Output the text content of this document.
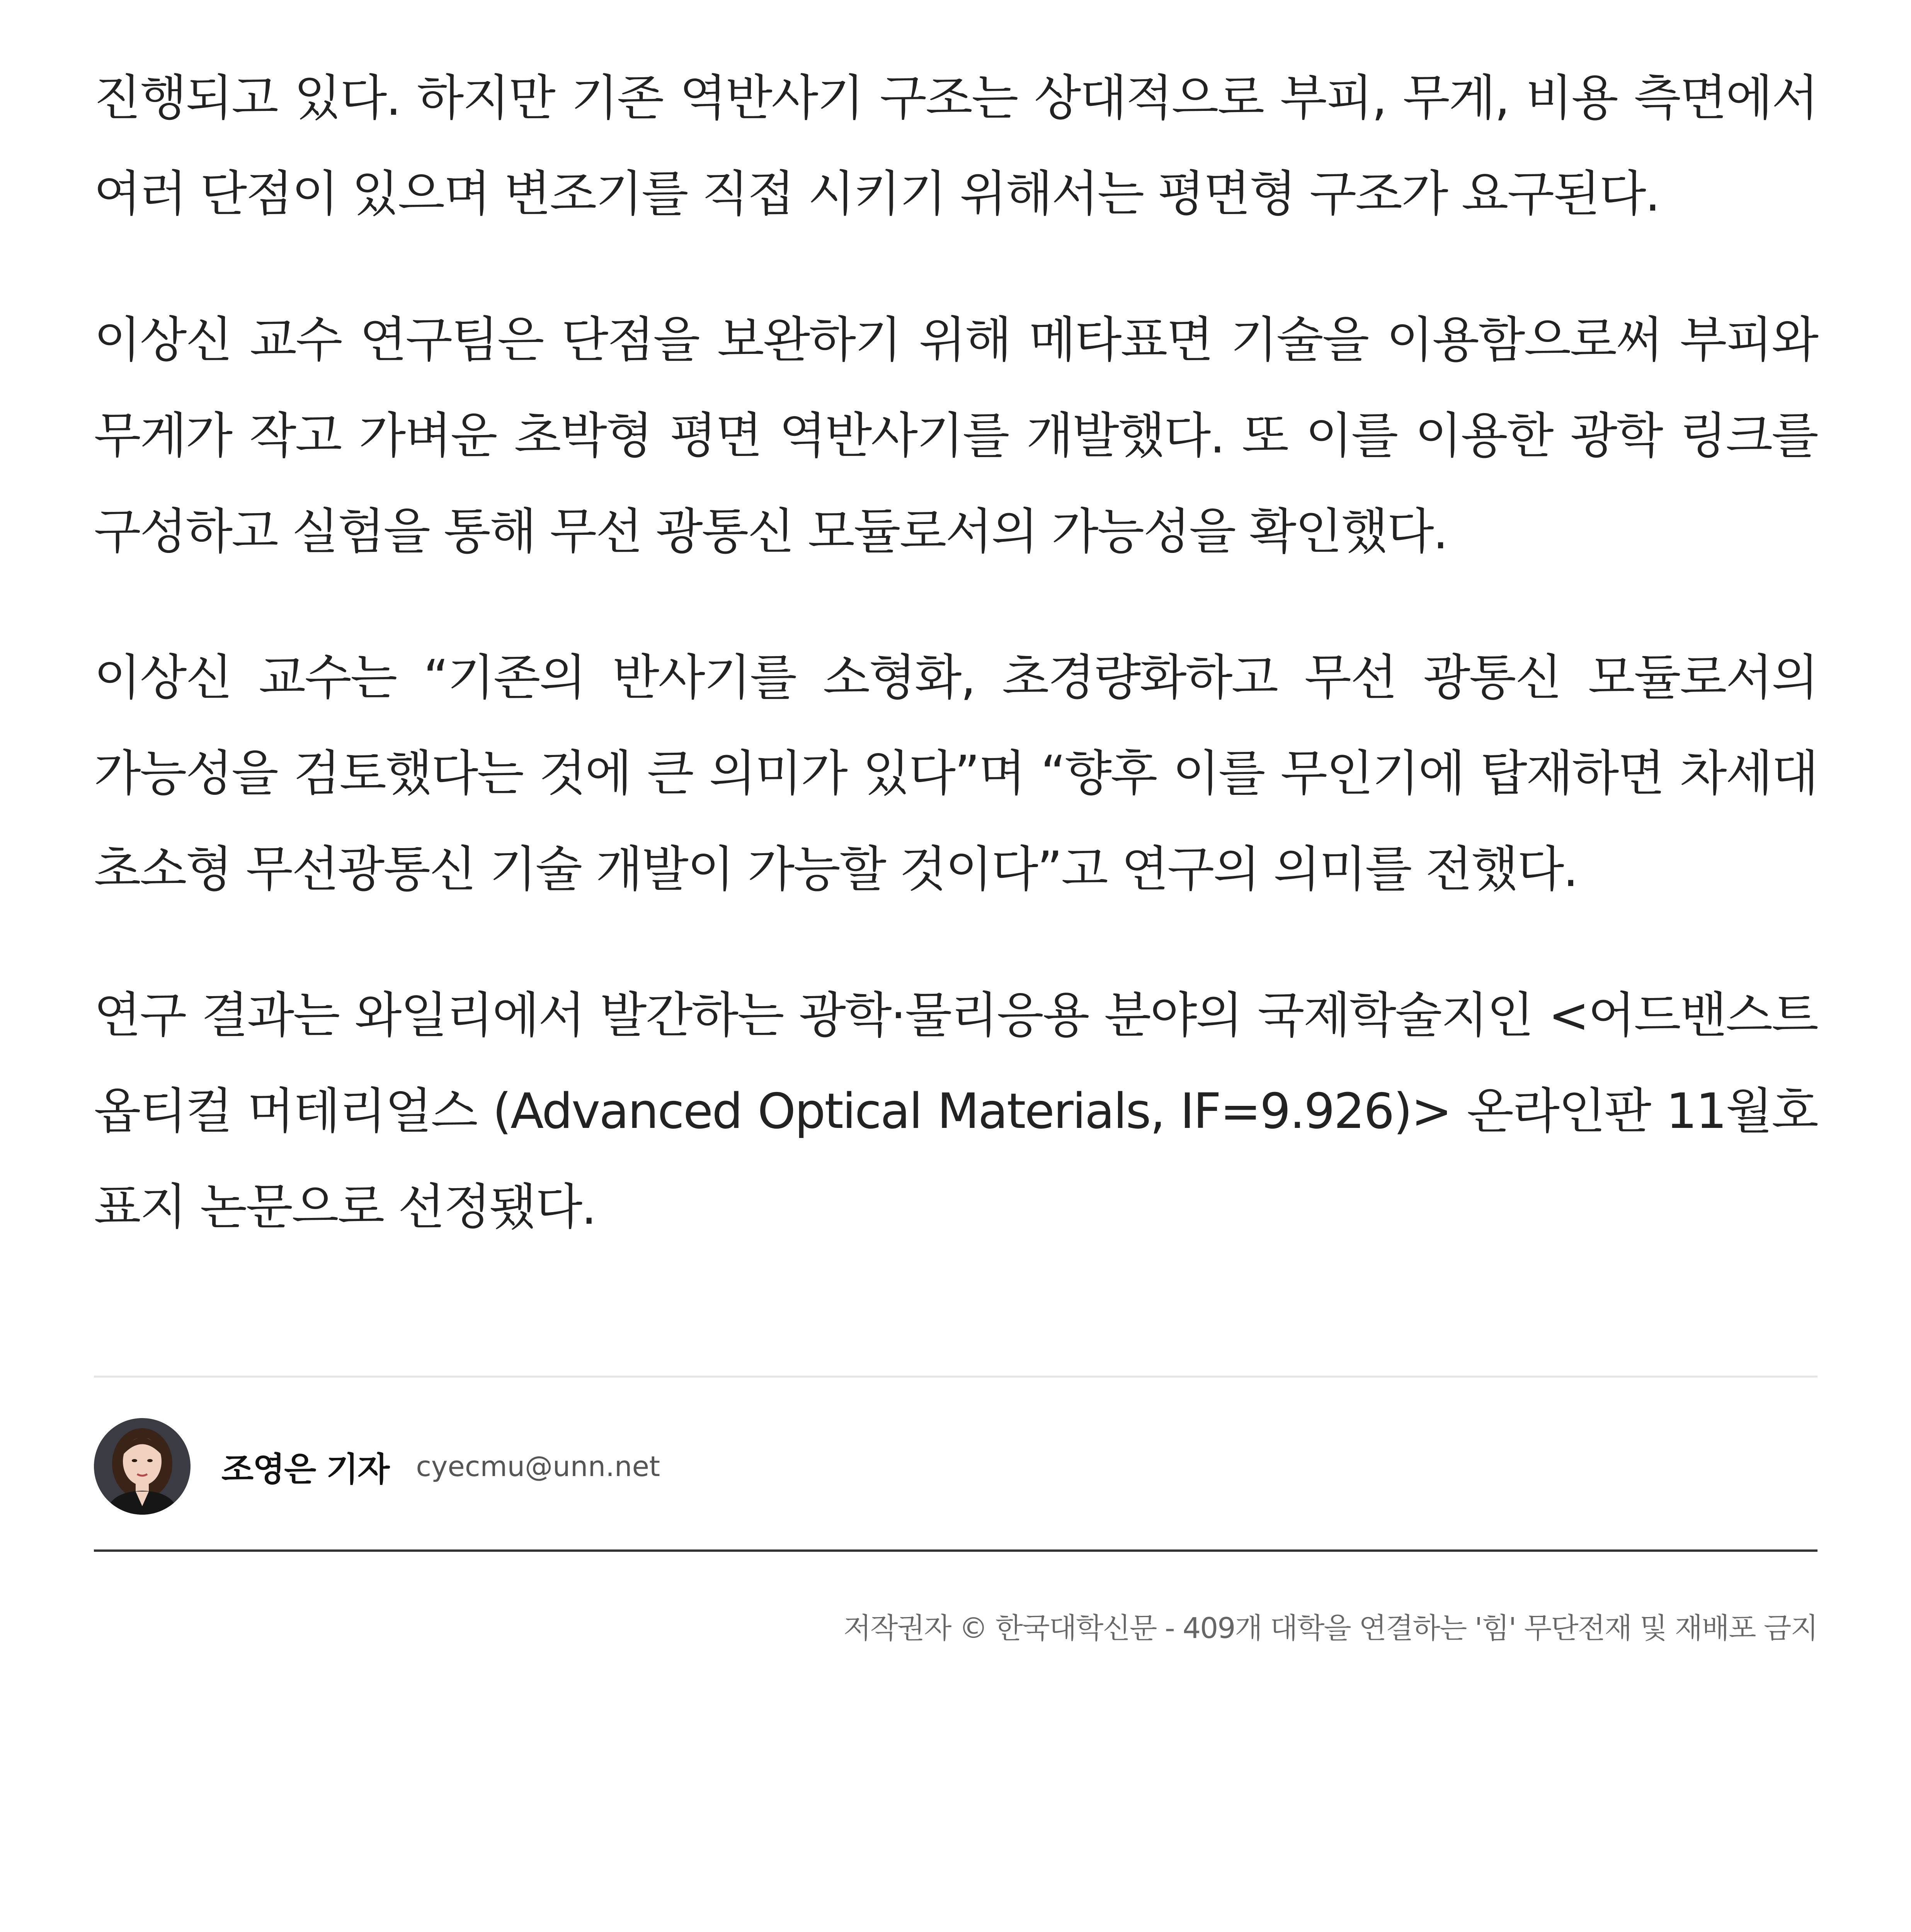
진행되고 있다. 하지만 기존 역반사기 구조는 상대적으로 부피, 무게, 비용 측면에서 여러 단점이 있으며 변조기를 직접 시키기 위해서는 평면형 구조가 요구된다.

이상신 교수 연구팀은 단점을 보완하기 위해 메타표면 기술을 이용함으로써 부피와 무게가 작고 가벼운 초박형 평면 역반사기를 개발했다. 또 이를 이용한 광학 링크를 구성하고 실험을 통해 무선 광통신 모듈로서의 가능성을 확인했다.

이상신 교수는 “기존의 반사기를 소형화, 초경량화하고 무선 광통신 모듈로서의 가능성을 검토했다는 것에 큰 의미가 있다”며 “향후 이를 무인기에 탑재하면 차세대 초소형 무선광통신 기술 개발이 가능할 것이다”고 연구의 의미를 전했다.

연구 결과는 와일리에서 발간하는 광학·물리응용 분야의 국제학술지인 <어드밴스트 옵티컬 머테리얼스 (Advanced Optical Materials, IF=9.926)> 온라인판 11월호 표지 논문으로 선정됐다.

조영은 기자 cyecmu@unn.net
저작권자 © 한국대학신문 - 409개 대학을 연결하는 '힘' 무단전재 및 재배포 금지
